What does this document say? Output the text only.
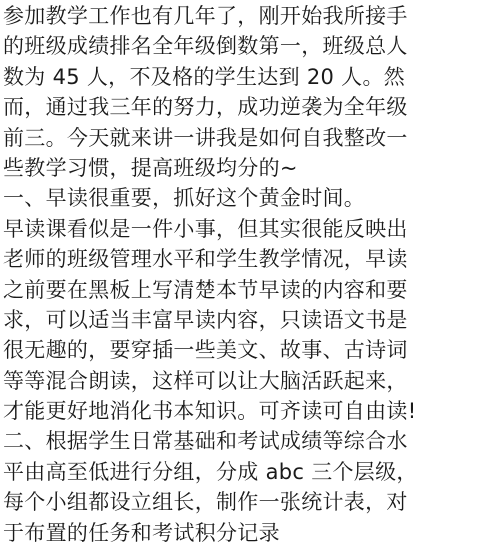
参加教学工作也有几年了，刚开始我所接手
的班级成绩排名全年级倒数第一，班级总人
数为 45 人，不及格的学生达到 20 人。然
而，通过我三年的努力，成功逆袭为全年级
前三。今天就来讲一讲我是如何自我整改一
些教学习惯，提高班级均分的~
一、早读很重要，抓好这个黄金时间。
早读课看似是一件小事，但其实很能反映出
老师的班级管理水平和学生教学情况，早读
之前要在黑板上写清楚本节早读的内容和要
求，可以适当丰富早读内容，只读语文书是
很无趣的，要穿插一些美文、故事、古诗词
等等混合朗读，这样可以让大脑活跃起来，
才能更好地消化书本知识。可齐读可自由读!
二、根据学生日常基础和考试成绩等综合水
平由高至低进行分组，分成 abc 三个层级，
每个小组都设立组长，制作一张统计表，对
于布置的任务和考试积分记录
